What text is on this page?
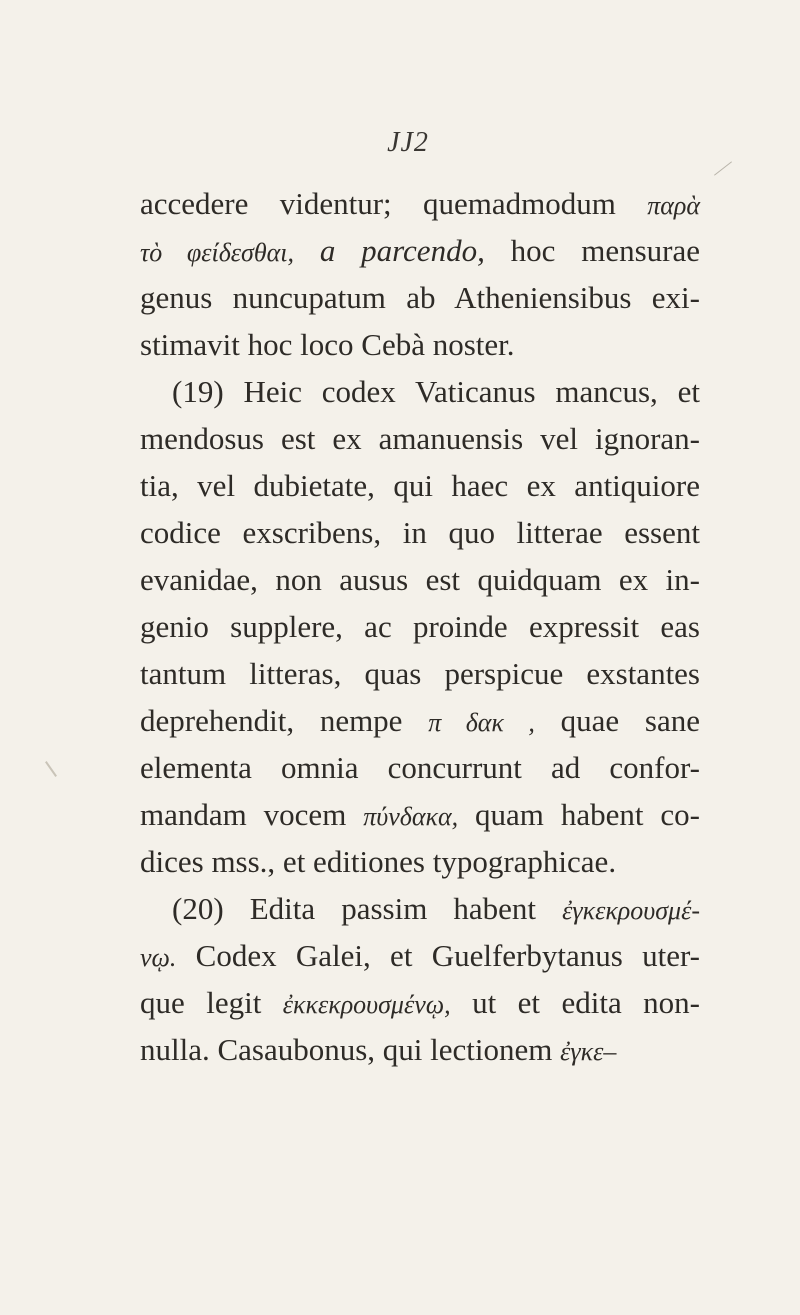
JJ2
accedere videntur; quemadmodum παρὰ
τὸ φείδεσθαι, a parcendo, hoc mensurae
genus nuncupatum ab Atheniensibus exi-
stimavit hoc loco Cebà noster.
(19) Heic codex Vaticanus mancus, et
mendosus est ex amanuensis vel ignoran-
tia, vel dubietate, qui haec ex antiquiore
codice exscribens, in quo litterae essent
evanidae, non ausus est quidquam ex in-
genio supplere, ac proinde expressit eas
tantum litteras, quas perspicue exstantes
deprehendit, nempe π δακ , quae sane
elementa omnia concurrunt ad confor-
mandam vocem πύνδακα, quam habent co-
dices mss., et editiones typographicae.
(20) Edita passim habent ἐγκεκρουσμέ-
νῳ. Codex Galei, et Guelferbytanus uter-
que legit ἐκκεκρουσμένῳ, ut et edita non-
nulla. Casaubonus, qui lectionem ἐγκε–
